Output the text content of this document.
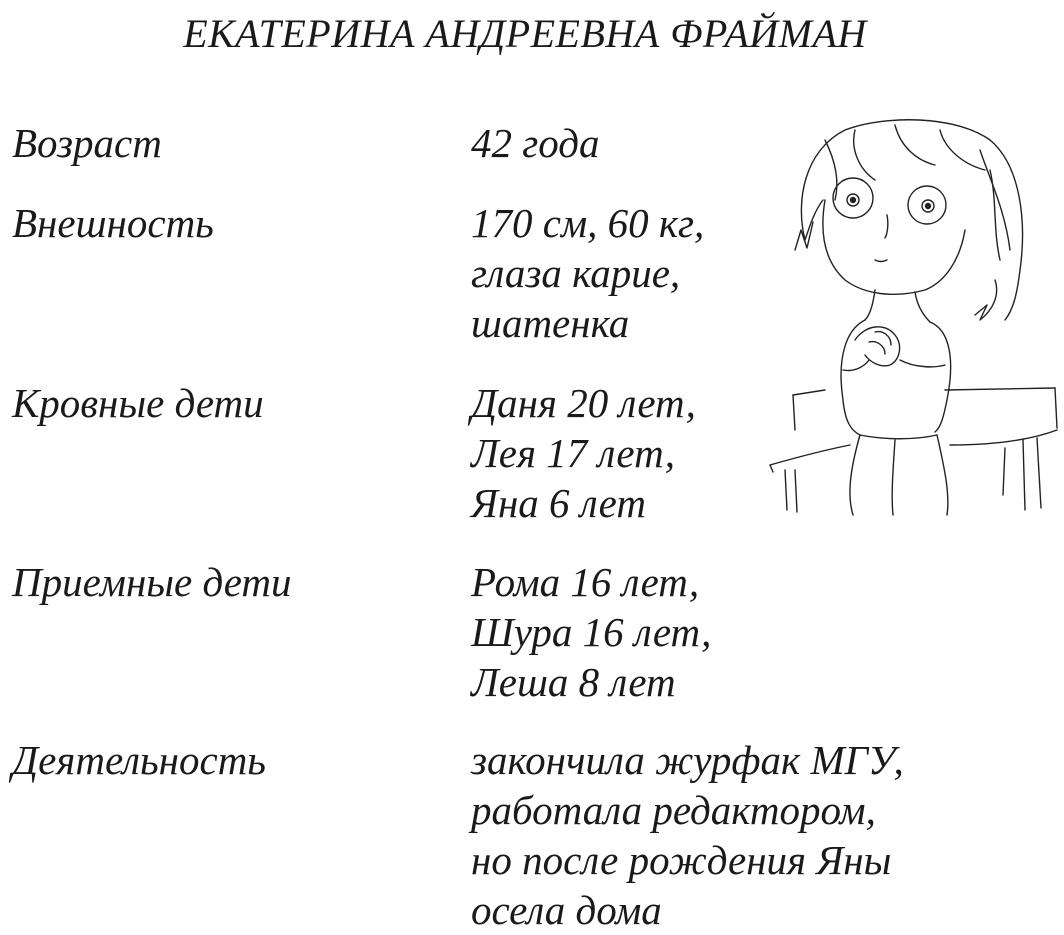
ЕКАТЕРИНА АНДРЕЕВНА ФРАЙМАН
Возраст	42 года
Внешность	170 см, 60 кг,
глаза карие,
шатенка
Кровные дети	Даня 20 лет,
Лея 17 лет,
Яна 6 лет
Приемные дети	Рома 16 лет,
Шура 16 лет,
Леша 8 лет
Деятельность	закончила журфак МГУ,
работала редактором,
но после рождения Яны
осела дома
